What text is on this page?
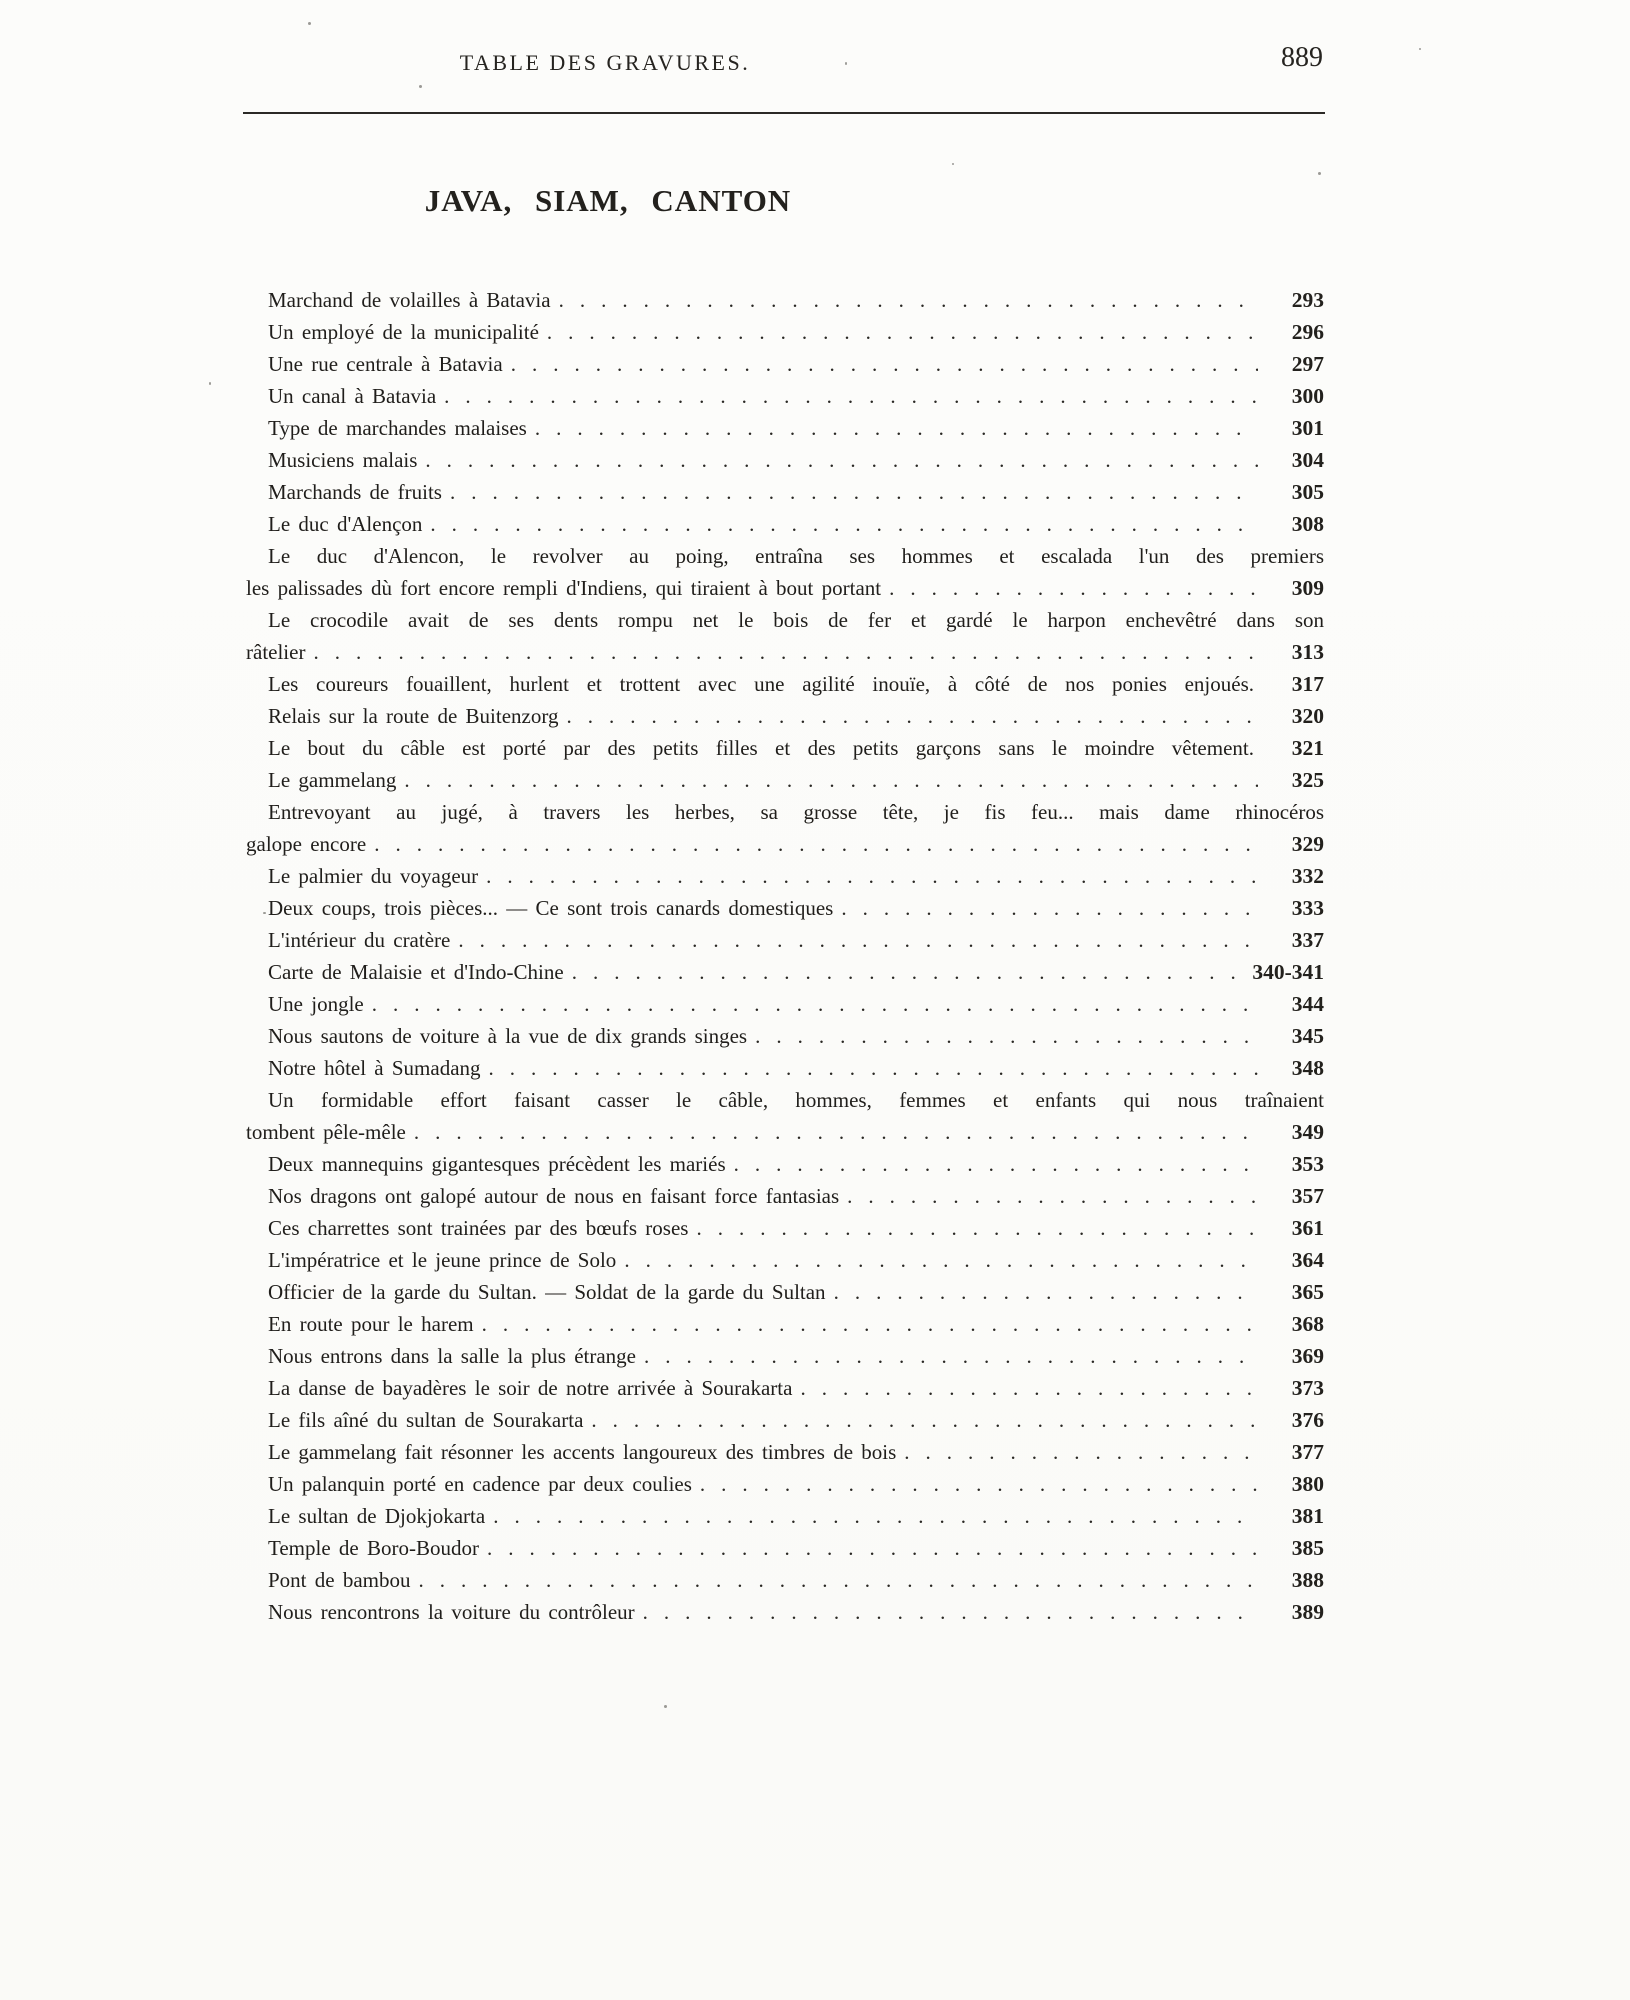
TABLE DES GRAVURES.	889
JAVA, SIAM, CANTON
Marchand de volailles à Batavia .....	293
Un employé de la municipalité .....	296
Une rue centrale à Batavia .....	297
Un canal à Batavia .....	300
Type de marchandes malaises .....	301
Musiciens malais .....	304
Marchands de fruits .....	305
Le duc d'Alençon .....	308
Le duc d'Alencon, le revolver au poing, entraîna ses hommes et escalada l'un des premiers
les palissades dù fort encore rempli d'Indiens, qui tiraient à bout portant .....	309
Le crocodile avait de ses dents rompu net le bois de fer et gardé le harpon enchevêtré dans son
râtelier .....	313
Les coureurs fouaillent, hurlent et trottent avec une agilité inouïe, à côté de nos ponies enjoués.	317
Relais sur la route de Buitenzorg .....	320
Le bout du câble est porté par des petits filles et des petits garçons sans le moindre vêtement.	321
Le gammelang .....	325
Entrevoyant au jugé, à travers les herbes, sa grosse tête, je fis feu... mais dame rhinocéros
galope encore .....	329
Le palmier du voyageur .....	332
Deux coups, trois pièces... — Ce sont trois canards domestiques .....	333
L'intérieur du cratère .....	337
Carte de Malaisie et d'Indo-Chine .....	340-341
Une jongle .....	344
Nous sautons de voiture à la vue de dix grands singes .....	345
Notre hôtel à Sumadang .....	348
Un formidable effort faisant casser le câble, hommes, femmes et enfants qui nous traînaient
tombent pêle-mêle .....	349
Deux mannequins gigantesques précèdent les mariés .....	353
Nos dragons ont galopé autour de nous en faisant force fantasias .....	357
Ces charrettes sont trainées par des bœufs roses .....	361
L'impératrice et le jeune prince de Solo .....	364
Officier de la garde du Sultan. — Soldat de la garde du Sultan .....	365
En route pour le harem .....	368
Nous entrons dans la salle la plus étrange .....	369
La danse de bayadères le soir de notre arrivée à Sourakarta .....	373
Le fils aîné du sultan de Sourakarta .....	376
Le gammelang fait résonner les accents langoureux des timbres de bois .....	377
Un palanquin porté en cadence par deux coulies .....	380
Le sultan de Djokjokarta .....	381
Temple de Boro-Boudor .....	385
Pont de bambou .....	388
Nous rencontrons la voiture du contrôleur .....	389
